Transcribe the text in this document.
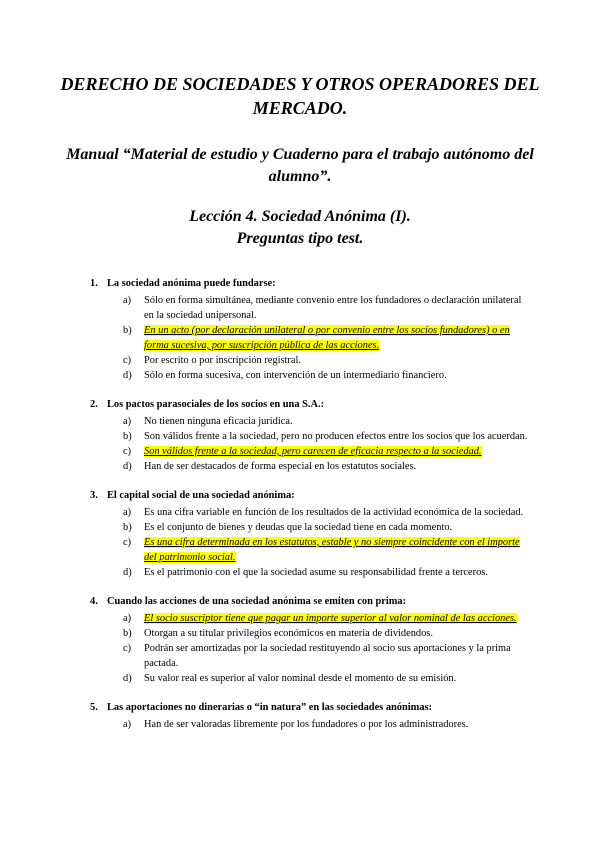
DERECHO DE SOCIEDADES Y OTROS OPERADORES DEL MERCADO.
Manual “Material de estudio y Cuaderno para el trabajo autónomo del alumno”.
Lección 4. Sociedad Anónima (I).
Preguntas tipo test.
1. La sociedad anónima puede fundarse:
a) Sólo en forma simultánea, mediante convenio entre los fundadores o declaración unilateral en la sociedad unipersonal.
b) En un acto (por declaración unilateral o por convenio entre los socios fundadores) o en forma sucesiva, por suscripción pública de las acciones.
c) Por escrito o por inscripción registral.
d) Sólo en forma sucesiva, con intervención de un intermediario financiero.
2. Los pactos parasociales de los socios en una S.A.:
a) No tienen ninguna eficacia jurídica.
b) Son válidos frente a la sociedad, pero no producen efectos entre los socios que los acuerdan.
c) Son válidos frente a la sociedad, pero carecen de eficacia respecto a la sociedad.
d) Han de ser destacados de forma especial en los estatutos sociales.
3. El capital social de una sociedad anónima:
a) Es una cifra variable en función de los resultados de la actividad económica de la sociedad.
b) Es el conjunto de bienes y deudas que la sociedad tiene en cada momento.
c) Es una cifra determinada en los estatutos, estable y no siempre coincidente con el importe del patrimonio social.
d) Es el patrimonio con el que la sociedad asume su responsabilidad frente a terceros.
4. Cuando las acciones de una sociedad anónima se emiten con prima:
a) El socio suscriptor tiene que pagar un importe superior al valor nominal de las acciones.
b) Otorgan a su titular privilegios económicos en materia de dividendos.
c) Podrán ser amortizadas por la sociedad restituyendo al socio sus aportaciones y la prima pactada.
d) Su valor real es superior al valor nominal desde el momento de su emisión.
5. Las aportaciones no dinerarias o “in natura” en las sociedades anónimas:
a) Han de ser valoradas libremente por los fundadores o por los administradores.
